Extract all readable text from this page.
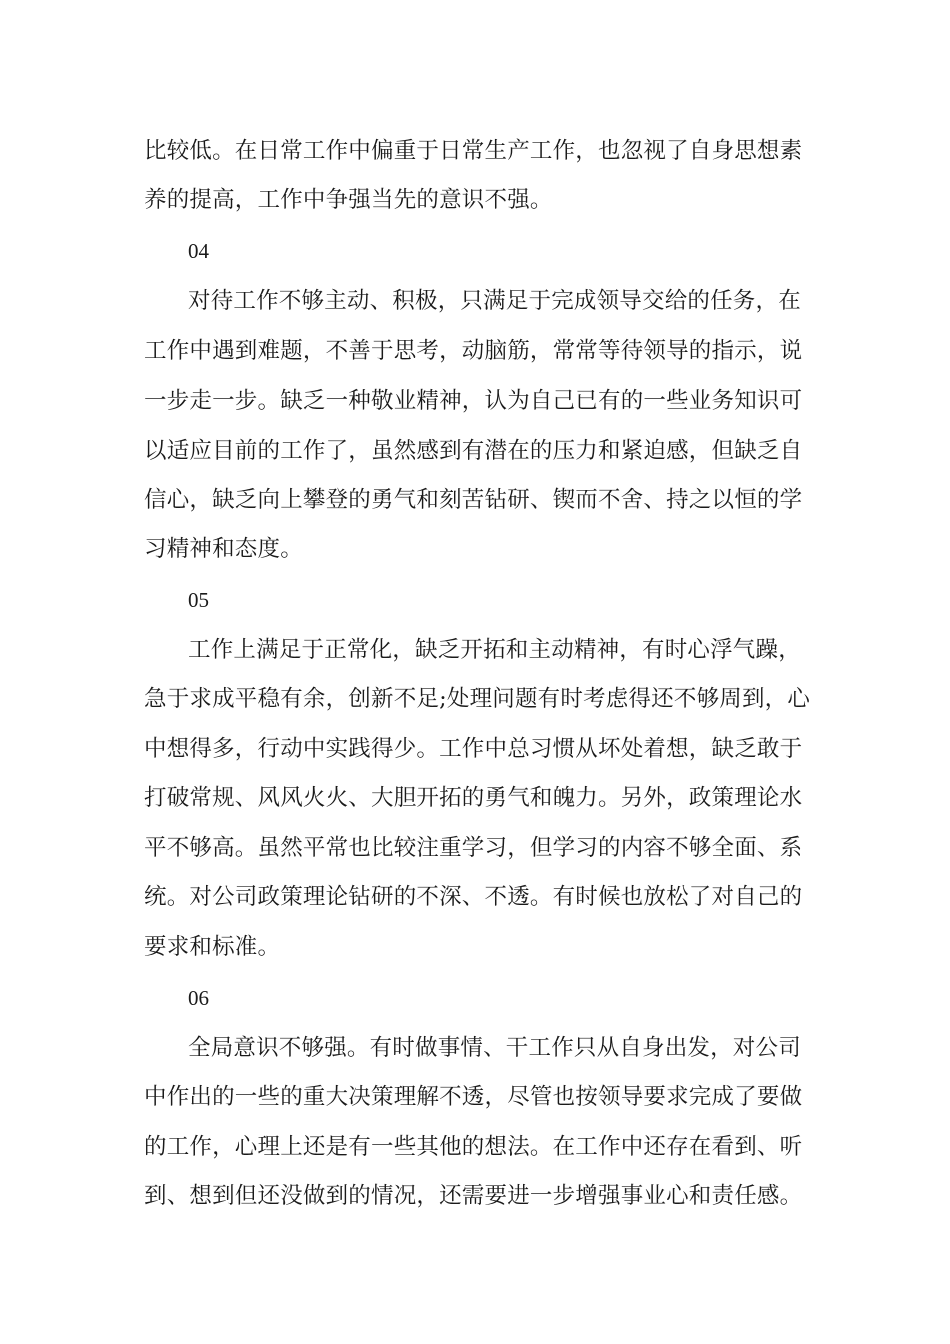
比较低。在日常工作中偏重于日常生产工作，也忽视了自身思想素
养的提高，工作中争强当先的意识不强。
04
对待工作不够主动、积极，只满足于完成领导交给的任务，在
工作中遇到难题，不善于思考，动脑筋，常常等待领导的指示，说
一步走一步。缺乏一种敬业精神，认为自己已有的一些业务知识可
以适应目前的工作了，虽然感到有潜在的压力和紧迫感，但缺乏自
信心，缺乏向上攀登的勇气和刻苦钻研、锲而不舍、持之以恒的学
习精神和态度。
05
工作上满足于正常化，缺乏开拓和主动精神，有时心浮气躁，
急于求成平稳有余，创新不足;处理问题有时考虑得还不够周到，心
中想得多，行动中实践得少。工作中总习惯从坏处着想，缺乏敢于
打破常规、风风火火、大胆开拓的勇气和魄力。另外，政策理论水
平不够高。虽然平常也比较注重学习，但学习的内容不够全面、系
统。对公司政策理论钻研的不深、不透。有时候也放松了对自己的
要求和标准。
06
全局意识不够强。有时做事情、干工作只从自身出发，对公司
中作出的一些的重大决策理解不透，尽管也按领导要求完成了要做
的工作，心理上还是有一些其他的想法。在工作中还存在看到、听
到、想到但还没做到的情况，还需要进一步增强事业心和责任感。
